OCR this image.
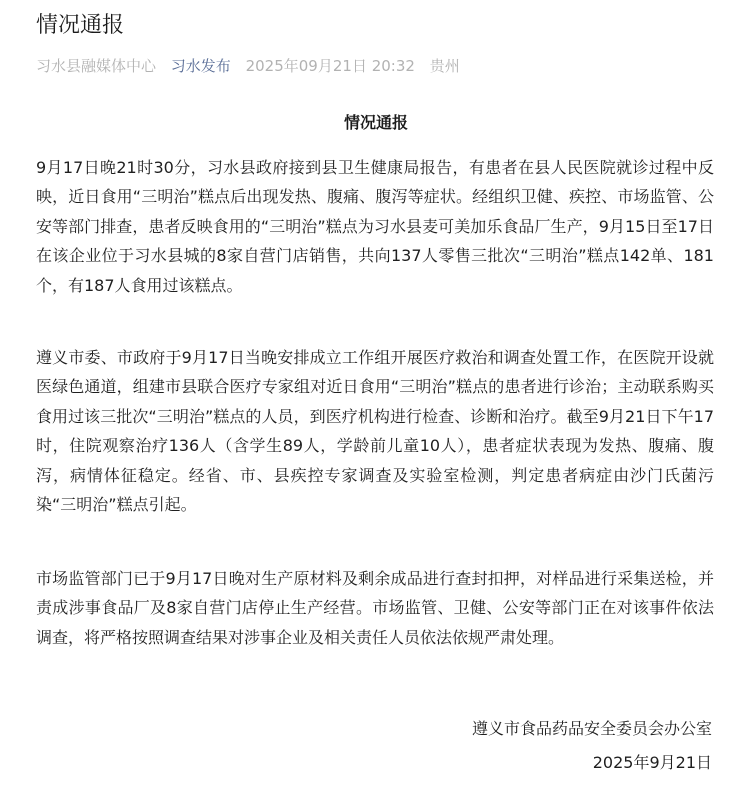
情况通报
习水县融媒体中心 习水发布 2025年09月21日 20:32 贵州
情况通报

9月17日晚21时30分，习水县政府接到县卫生健康局报告，有患者在县人民医院就诊过程中反映，近日食用“三明治”糕点后出现发热、腹痛、腹泻等症状。经组织卫健、疾控、市场监管、公安等部门排查，患者反映食用的“三明治”糕点为习水县麦可美加乐食品厂生产，9月15日至17日在该企业位于习水县城的8家自营门店销售，共向137人零售三批次“三明治”糕点142单、181个，有187人食用过该糕点。

遵义市委、市政府于9月17日当晚安排成立工作组开展医疗救治和调查处置工作，在医院开设就医绿色通道，组建市县联合医疗专家组对近日食用“三明治”糕点的患者进行诊治；主动联系购买食用过该三批次“三明治”糕点的人员，到医疗机构进行检查、诊断和治疗。截至9月21日下午17时，住院观察治疗136人（含学生89人，学龄前儿童10人），患者症状表现为发热、腹痛、腹泻，病情体征稳定。经省、市、县疾控专家调查及实验室检测，判定患者病症由沙门氏菌污染“三明治”糕点引起。

市场监管部门已于9月17日晚对生产原材料及剩余成品进行查封扣押，对样品进行采集送检，并责成涉事食品厂及8家自营门店停止生产经营。市场监管、卫健、公安等部门正在对该事件依法调查，将严格按照调查结果对涉事企业及相关责任人员依法依规严肃处理。

遵义市食品药品安全委员会办公室
2025年9月21日
